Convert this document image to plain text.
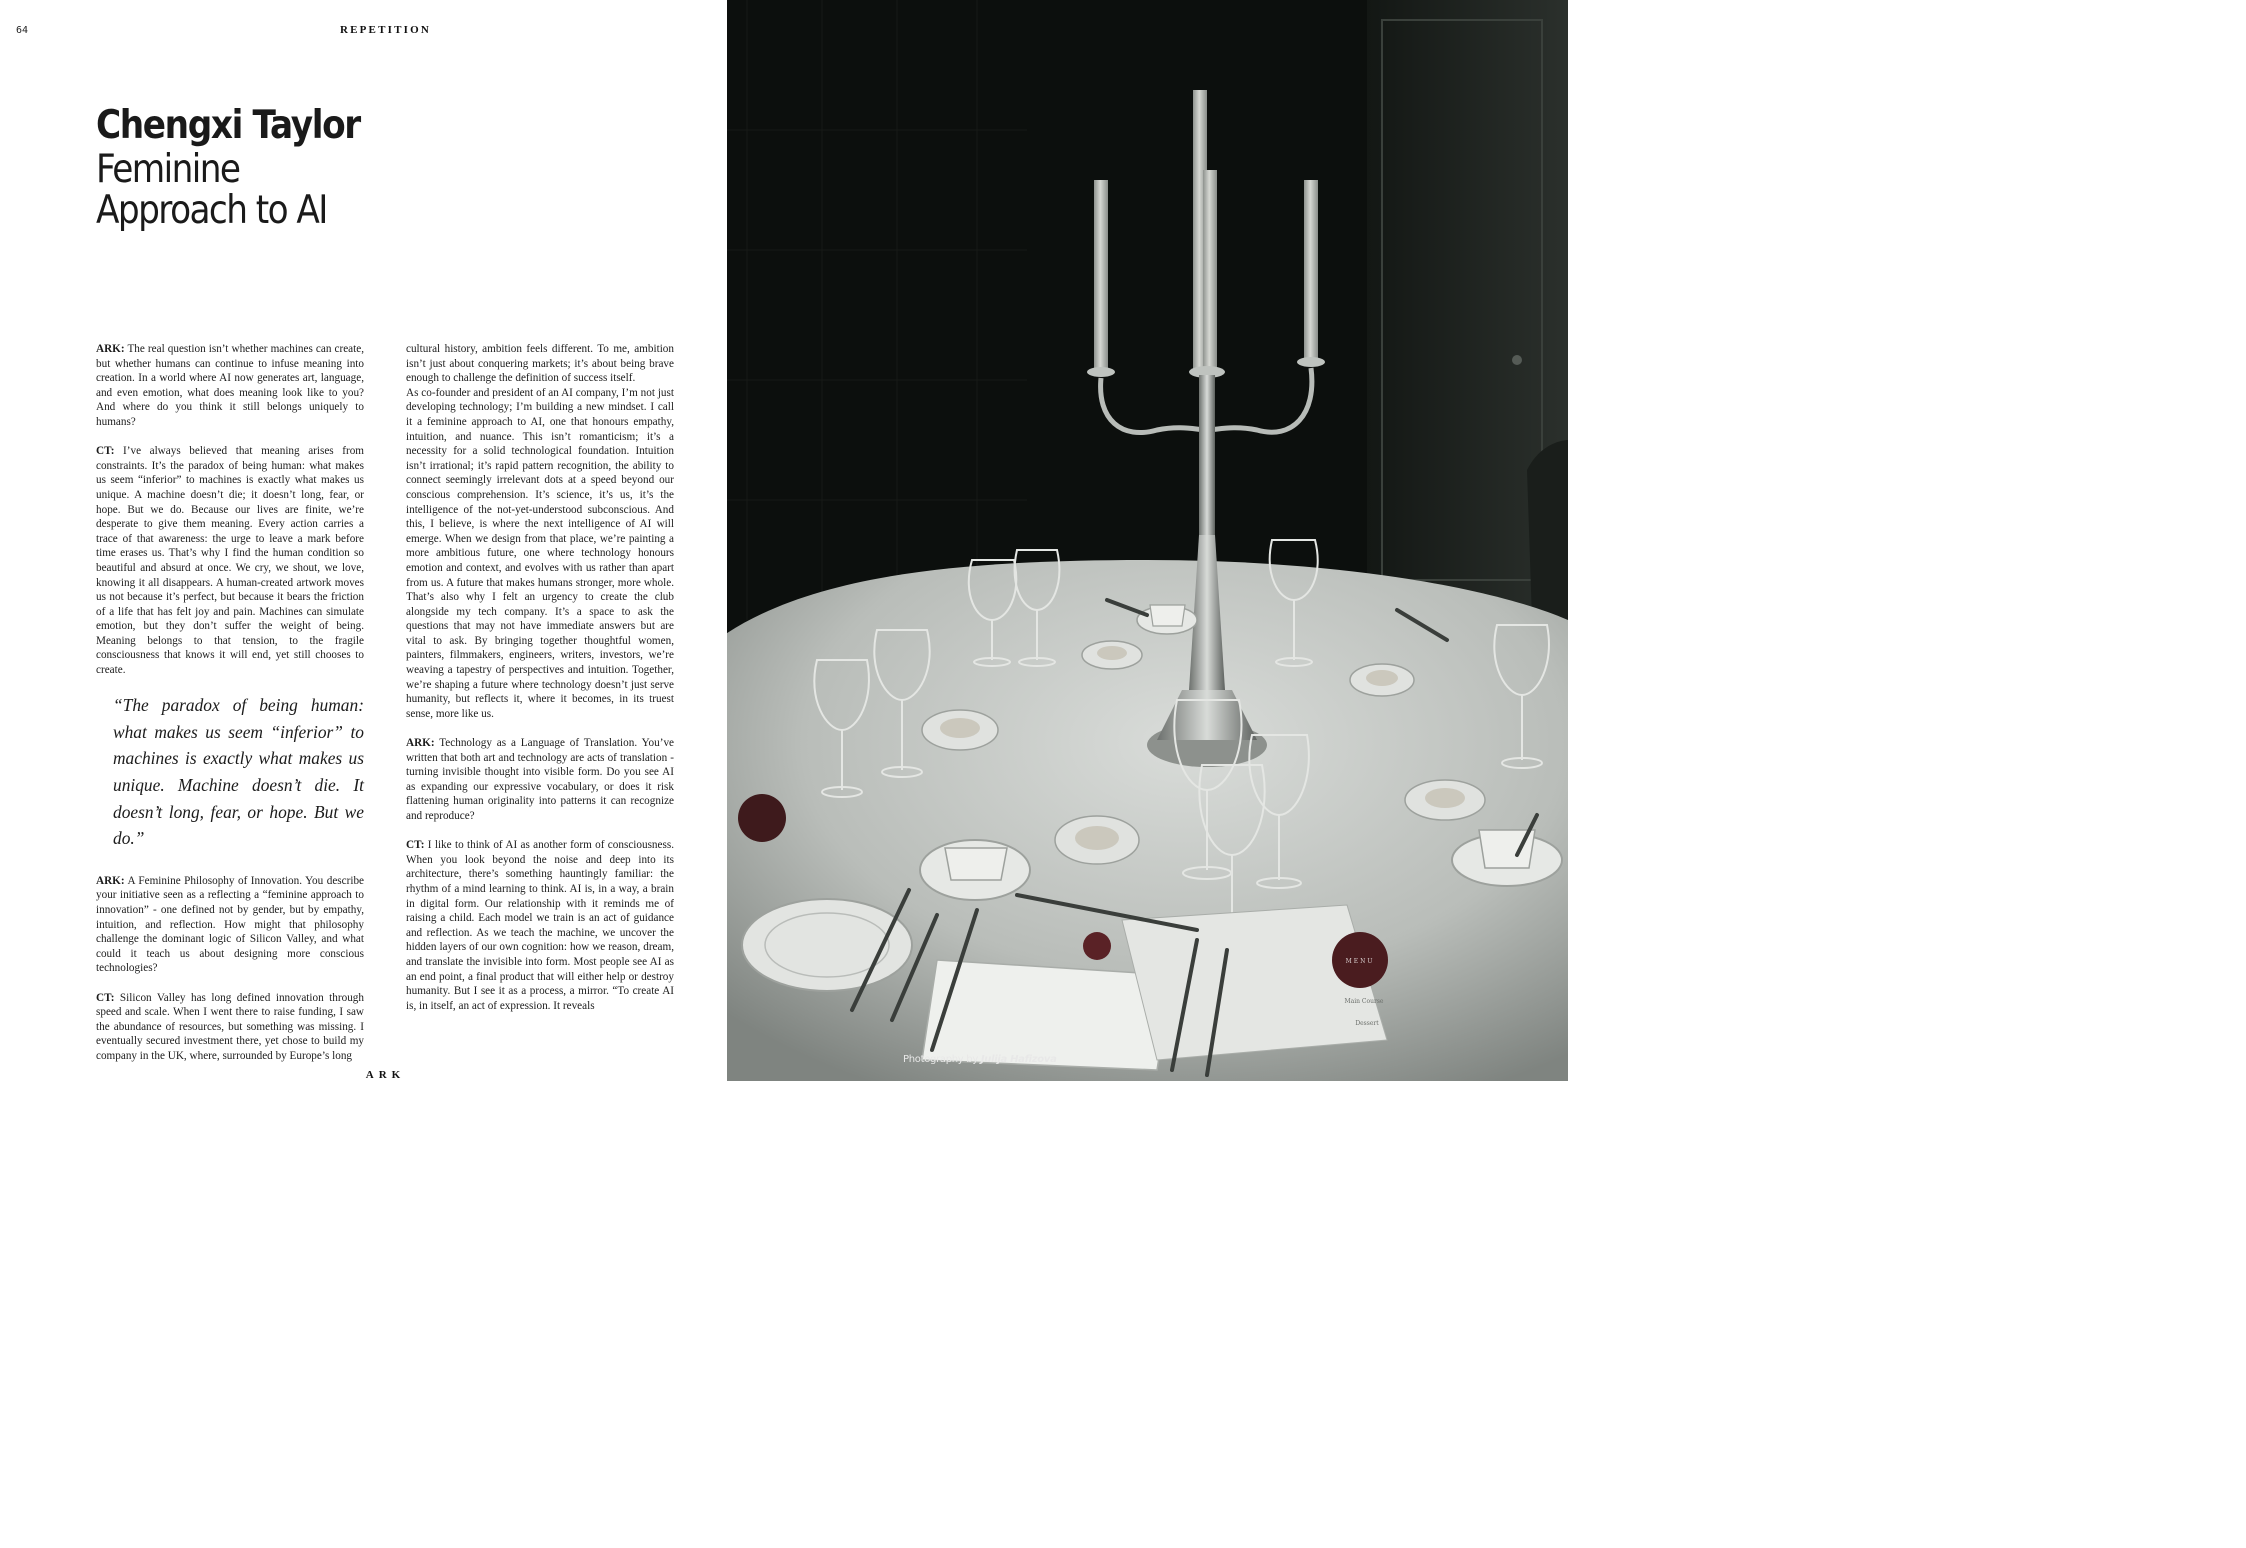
64	REPETITION
Chengxi Taylor
Feminine
Approach to AI

ARK: The real question isn’t whether machines can create, but whether humans can continue to infuse meaning into creation. In a world where AI now generates art, language, and even emotion, what does meaning look like to you? And where do you think it still belongs uniquely to humans?

CT: I’ve always believed that meaning arises from constraints. It’s the paradox of being human: what makes us seem “inferior” to machines is exactly what makes us unique. A machine doesn’t die; it doesn’t long, fear, or hope. But we do. Because our lives are finite, we’re desperate to give them meaning. Every action carries a trace of that awareness: the urge to leave a mark before time erases us. That’s why I find the human condition so beautiful and absurd at once. We cry, we shout, we love, knowing it all disappears. A human-created artwork moves us not because it’s perfect, but because it bears the friction of a life that has felt joy and pain. Machines can simulate emotion, but they don’t suffer the weight of being. Meaning belongs to that tension, to the fragile consciousness that knows it will end, yet still chooses to create.

“The paradox of being human: what makes us seem “inferior” to machines is exactly what makes us unique. Machine doesn’t die. It doesn’t long, fear, or hope. But we do.”

ARK: A Feminine Philosophy of Innovation. You describe your initiative seen as a reflecting a “feminine approach to innovation” - one defined not by gender, but by empathy, intuition, and reflection. How might that philosophy challenge the dominant logic of Silicon Valley, and what could it teach us about designing more conscious technologies?

CT: Silicon Valley has long defined innovation through speed and scale. When I went there to raise funding, I saw the abundance of resources, but something was missing. I eventually secured investment there, yet chose to build my company in the UK, where, surrounded by Europe’s long

cultural history, ambition feels different. To me, ambition isn’t just about conquering markets; it’s about being brave enough to challenge the definition of success itself.

As co-founder and president of an AI company, I’m not just developing technology; I’m building a new mindset. I call it a feminine approach to AI, one that honours empathy, intuition, and nuance. This isn’t romanticism; it’s a necessity for a solid technological foundation. Intuition isn’t irrational; it’s rapid pattern recognition, the ability to connect seemingly irrelevant dots at a speed beyond our conscious comprehension. It’s science, it’s us, it’s the intelligence of the not-yet-understood subconscious. And this, I believe, is where the next intelligence of AI will emerge. When we design from that place, we’re painting a more ambitious future, one where technology honours emotion and context, and evolves with us rather than apart from us. A future that makes humans stronger, more whole. That’s also why I felt an urgency to create the club alongside my tech company. It’s a space to ask the questions that may not have immediate answers but are vital to ask. By bringing together thoughtful women, painters, filmmakers, engineers, writers, investors, we’re weaving a tapestry of perspectives and intuition. Together, we’re shaping a future where technology doesn’t just serve humanity, but reflects it, where it becomes, in its truest sense, more like us.

ARK: Technology as a Language of Translation. You’ve written that both art and technology are acts of translation - turning invisible thought into visible form. Do you see AI as expanding our expressive vocabulary, or does it risk flattening human originality into patterns it can recognize and reproduce?

CT: I like to think of AI as another form of consciousness. When you look beyond the noise and deep into its architecture, there’s something hauntingly familiar: the rhythm of a mind learning to think. AI is, in a way, a brain in digital form. Our relationship with it reminds me of raising a child. Each model we train is an act of guidance and reflection. As we teach the machine, we uncover the hidden layers of our own cognition: how we reason, dream, and translate the invisible into form. Most people see AI as an end point, a final product that will either help or destroy humanity. But I see it as a process, a mirror. “To create AI is, in itself, an act of expression. It reveals

ARK
MENU
Main Course
Dessert
Photography by Julija Hafizova
